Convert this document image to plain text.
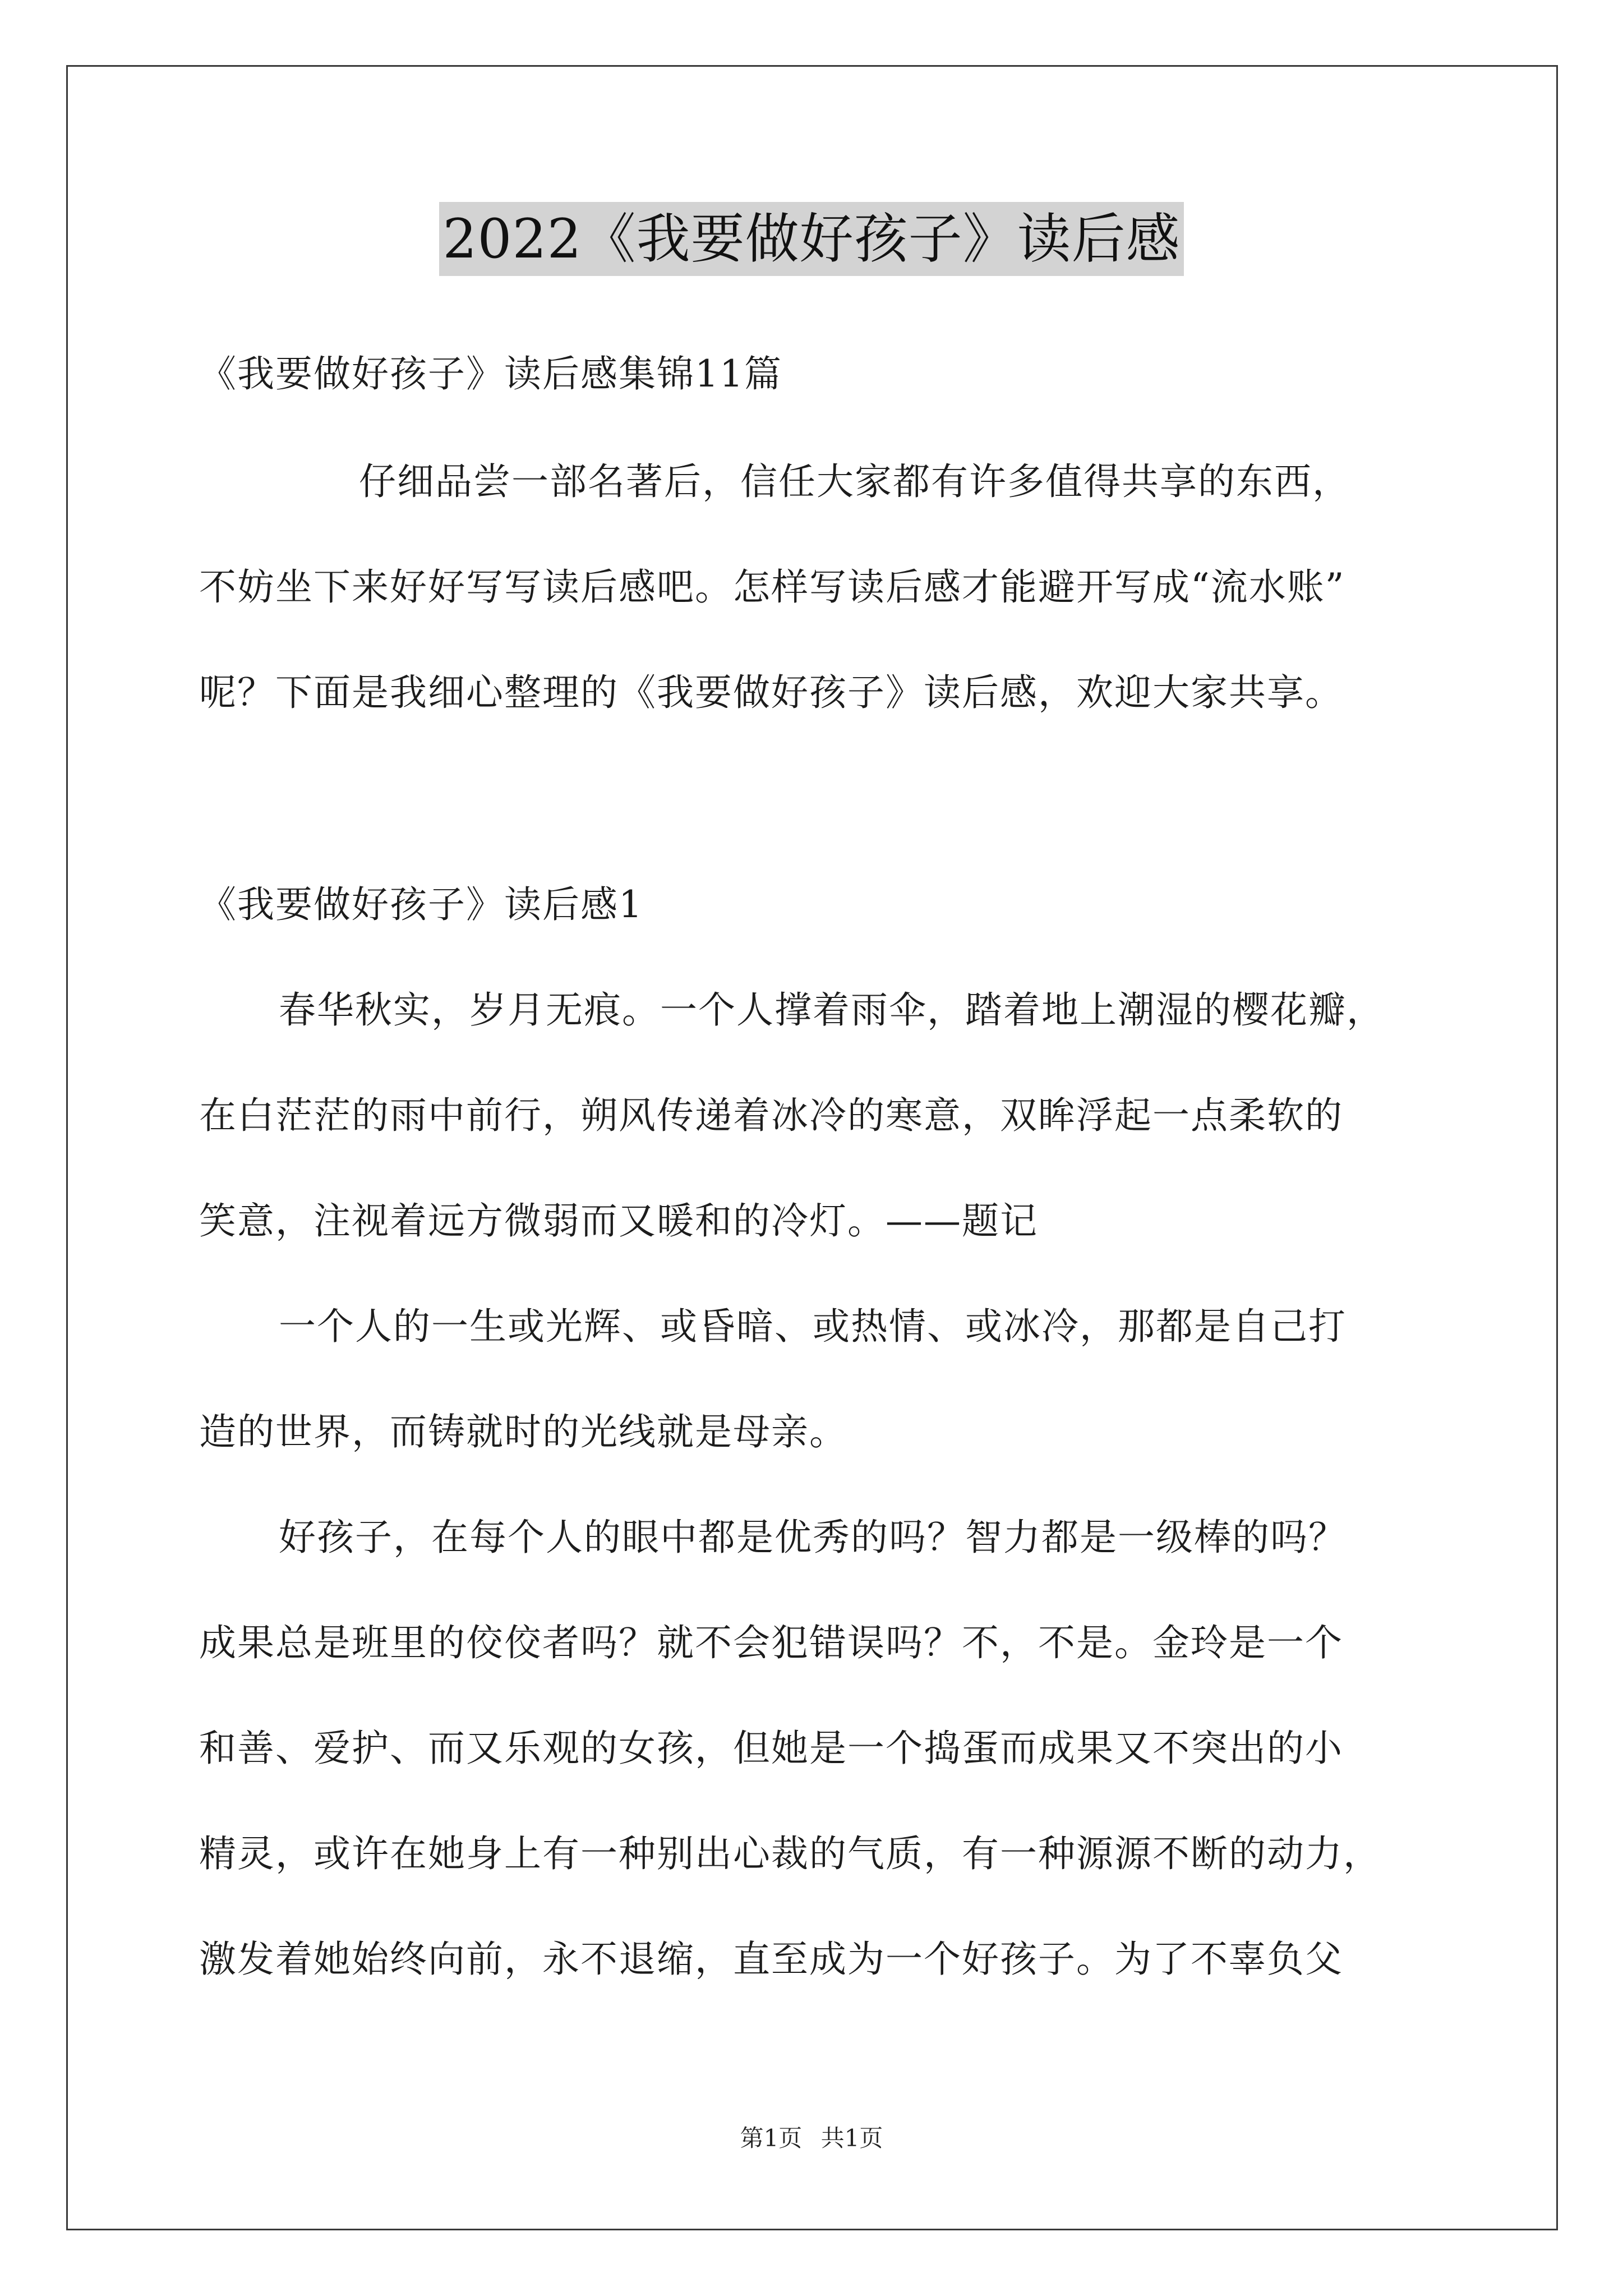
2022《我要做好孩子》读后感
《我要做好孩子》读后感集锦11篇
仔细品尝一部名著后，信任大家都有许多值得共享的东西，
不妨坐下来好好写写读后感吧。怎样写读后感才能避开写成“流水账”
呢？下面是我细心整理的《我要做好孩子》读后感，欢迎大家共享。
《我要做好孩子》读后感1
春华秋实，岁月无痕。一个人撑着雨伞，踏着地上潮湿的樱花瓣，
在白茫茫的雨中前行，朔风传递着冰冷的寒意，双眸浮起一点柔软的
笑意，注视着远方微弱而又暖和的冷灯。——题记
一个人的一生或光辉、或昏暗、或热情、或冰冷，那都是自己打
造的世界，而铸就时的光线就是母亲。
好孩子，在每个人的眼中都是优秀的吗？智力都是一级棒的吗？
成果总是班里的佼佼者吗？就不会犯错误吗？不，不是。金玲是一个
和善、爱护、而又乐观的女孩，但她是一个捣蛋而成果又不突出的小
精灵，或许在她身上有一种别出心裁的气质，有一种源源不断的动力，
激发着她始终向前，永不退缩，直至成为一个好孩子。为了不辜负父
第1页 共1页
